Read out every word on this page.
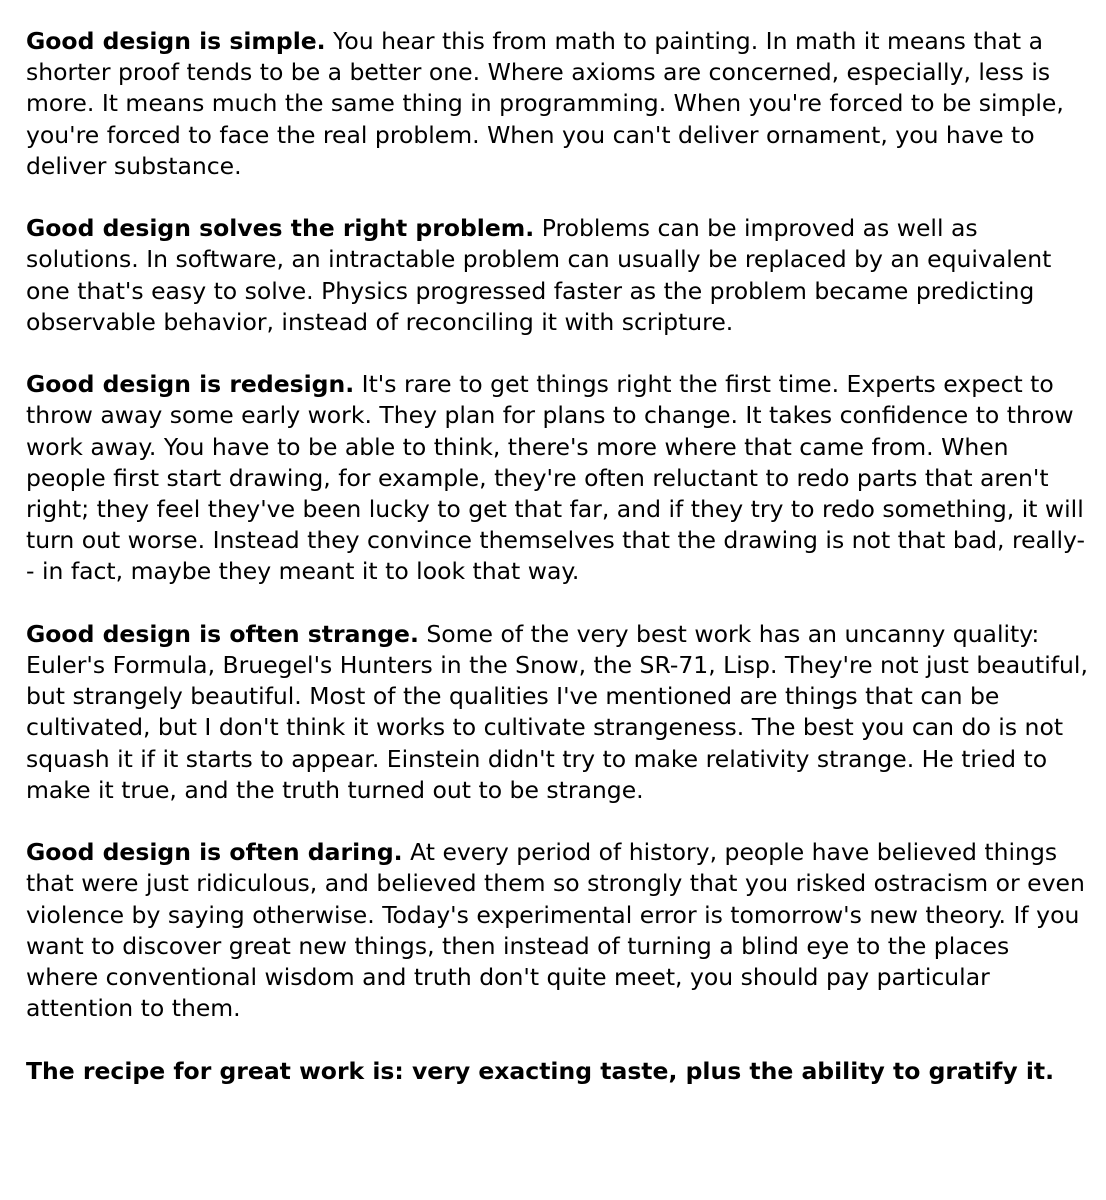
Good design is simple. You hear this from math to painting. In math it means that a shorter proof tends to be a better one. Where axioms are concerned, especially, less is more. It means much the same thing in programming. When you're forced to be simple, you're forced to face the real problem. When you can't deliver ornament, you have to deliver substance.

Good design solves the right problem. Problems can be improved as well as solutions. In software, an intractable problem can usually be replaced by an equivalent one that's easy to solve. Physics progressed faster as the problem became predicting observable behavior, instead of reconciling it with scripture.

Good design is redesign. It's rare to get things right the first time. Experts expect to throw away some early work. They plan for plans to change. It takes confidence to throw work away. You have to be able to think, there's more where that came from. When people first start drawing, for example, they're often reluctant to redo parts that aren't right; they feel they've been lucky to get that far, and if they try to redo something, it will turn out worse. Instead they convince themselves that the drawing is not that bad, really-- in fact, maybe they meant it to look that way.

Good design is often strange. Some of the very best work has an uncanny quality: Euler's Formula, Bruegel's Hunters in the Snow, the SR-71, Lisp. They're not just beautiful, but strangely beautiful. Most of the qualities I've mentioned are things that can be cultivated, but I don't think it works to cultivate strangeness. The best you can do is not squash it if it starts to appear. Einstein didn't try to make relativity strange. He tried to make it true, and the truth turned out to be strange.

Good design is often daring. At every period of history, people have believed things that were just ridiculous, and believed them so strongly that you risked ostracism or even violence by saying otherwise. Today's experimental error is tomorrow's new theory. If you want to discover great new things, then instead of turning a blind eye to the places where conventional wisdom and truth don't quite meet, you should pay particular attention to them.

The recipe for great work is: very exacting taste, plus the ability to gratify it.
